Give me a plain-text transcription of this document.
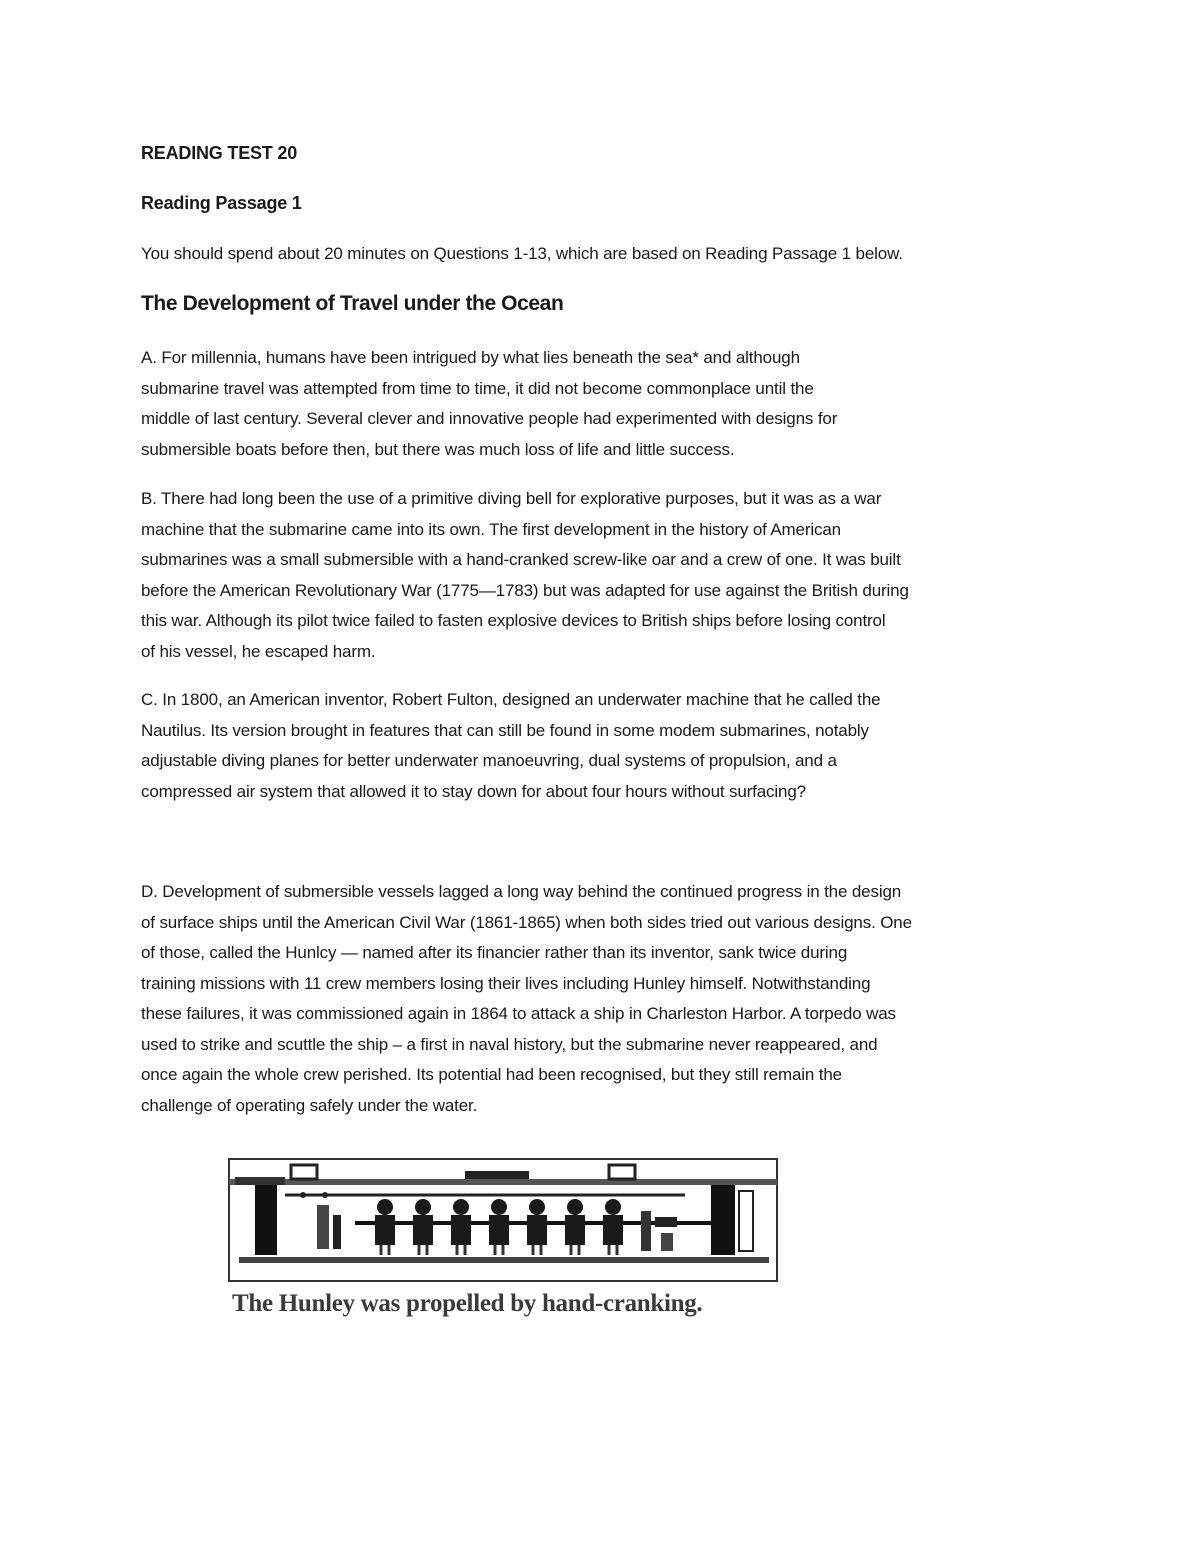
READING TEST 20
Reading Passage 1

You should spend about 20 minutes on Questions 1-13, which are based on Reading Passage 1 below.

The Development of Travel under the Ocean

A. For millennia, humans have been intrigued by what lies beneath the sea* and although
submarine travel was attempted from time to time, it did not become commonplace until the
middle of last century. Several clever and innovative people had experimented with designs for
submersible boats before then, but there was much loss of life and little success.

B. There had long been the use of a primitive diving bell for explorative purposes, but it was as a war
machine that the submarine came into its own. The first development in the history of American
submarines was a small submersible with a hand-cranked screw-like oar and a crew of one. It was built
before the American Revolutionary War (1775—1783) but was adapted for use against the British during
this war. Although its pilot twice failed to fasten explosive devices to British ships before losing control
of his vessel, he escaped harm.

C. In 1800, an American inventor, Robert Fulton, designed an underwater machine that he called the
Nautilus. Its version brought in features that can still be found in some modem submarines, notably
adjustable diving planes for better underwater manoeuvring, dual systems of propulsion, and a
compressed air system that allowed it to stay down for about four hours without surfacing?

D. Development of submersible vessels lagged a long way behind the continued progress in the design
of surface ships until the American Civil War (1861-1865) when both sides tried out various designs. One
of those, called the Hunlcy — named after its financier rather than its inventor, sank twice during
training missions with 11 crew members losing their lives including Hunley himself. Notwithstanding
these failures, it was commissioned again in 1864 to attack a ship in Charleston Harbor. A torpedo was
used to strike and scuttle the ship – a first in naval history, but the submarine never reappeared, and
once again the whole crew perished. Its potential had been recognised, but they still remain the
challenge of operating safely under the water.

The Hunley was propelled by hand-cranking.
